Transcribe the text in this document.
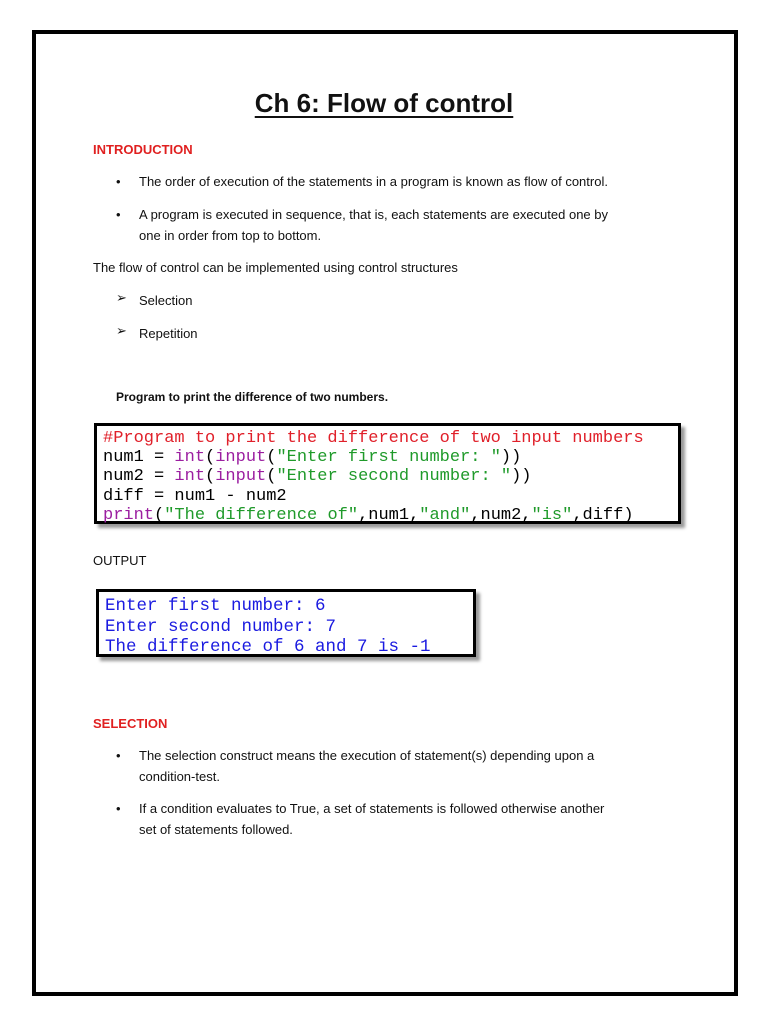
Ch 6: Flow of control
INTRODUCTION
• The order of execution of the statements in a program is known as flow of control.
• A program is executed in sequence, that is, each statements are executed one by
one in order from top to bottom.
The flow of control can be implemented using control structures
➢ Selection
➢ Repetition
Program to print the difference of two numbers.
#Program to print the difference of two input numbers
num1 = int(input("Enter first number: "))
num2 = int(input("Enter second number: "))
diff = num1 - num2
print("The difference of",num1,"and",num2,"is",diff)
OUTPUT
Enter first number: 6
Enter second number: 7
The difference of 6 and 7 is -1
SELECTION
• The selection construct means the execution of statement(s) depending upon a
condition-test.
• If a condition evaluates to True, a set of statements is followed otherwise another
set of statements followed.
